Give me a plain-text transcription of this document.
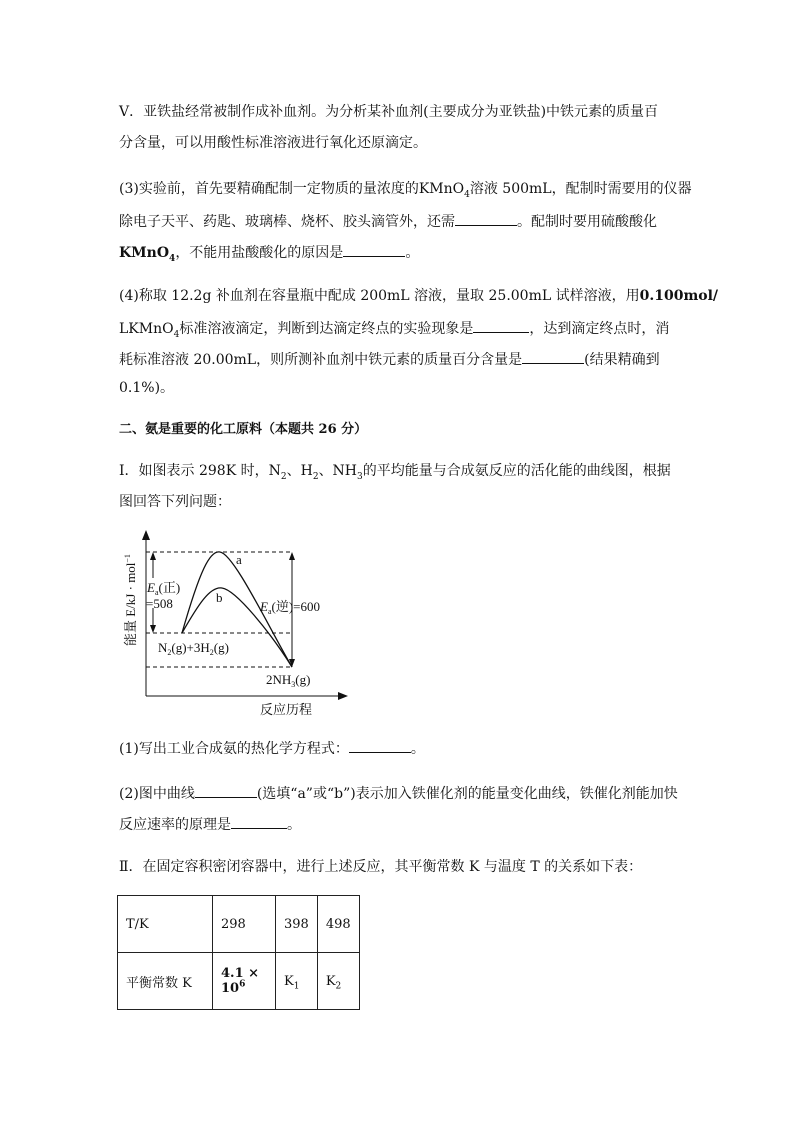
Ⅴ．亚铁盐经常被制作成补血剂。为分析某补血剂(主要成分为亚铁盐)中铁元素的质量百
分含量，可以用酸性标准溶液进行氧化还原滴定。
(3)实验前，首先要精确配制一定物质的量浓度的KMnO$_4$溶液 500mL，配制时需要用的仪器
除电子天平、药匙、玻璃棒、烧杯、胶头滴管外，还需	。配制时要用硫酸酸化
KMnO$_4$，不能用盐酸酸化的原因是	。
(4)称取 12.2g 补血剂在容量瓶中配成 200mL 溶液，量取 25.00mL 试样溶液，用0.100mol/
LKMnO$_4$标准溶液滴定，判断到达滴定终点的实验现象是	，达到滴定终点时，消
耗标准溶液 20.00mL，则所测补血剂中铁元素的质量百分含量是	(结果精确到
0.1%)。
二、氨是重要的化工原料（本题共 26 分）
Ⅰ．如图表示 298K 时，$N_2$、$H_2$、$NH_3$的平均能量与合成氨反应的活化能的曲线图，根据
图回答下列问题：
能量 E/kJ · mol$^{-1}$	a
b
$E_a$(正)
=508	$E_a$(逆)=600
$N_2(g)+3H_2(g)$
$2NH_3(g)$
反应历程
(1)写出工业合成氨的热化学方程式：	。
(2)图中曲线	(选填“a”或“b”)表示加入铁催化剂的能量变化曲线，铁催化剂能加快
反应速率的原理是	。
Ⅱ．在固定容积密闭容器中，进行上述反应，其平衡常数 K 与温度 T 的关系如下表：
T/K	298	398	498
平衡常数 K	$4.1 \times 10^6$	$K_1$	$K_2$
